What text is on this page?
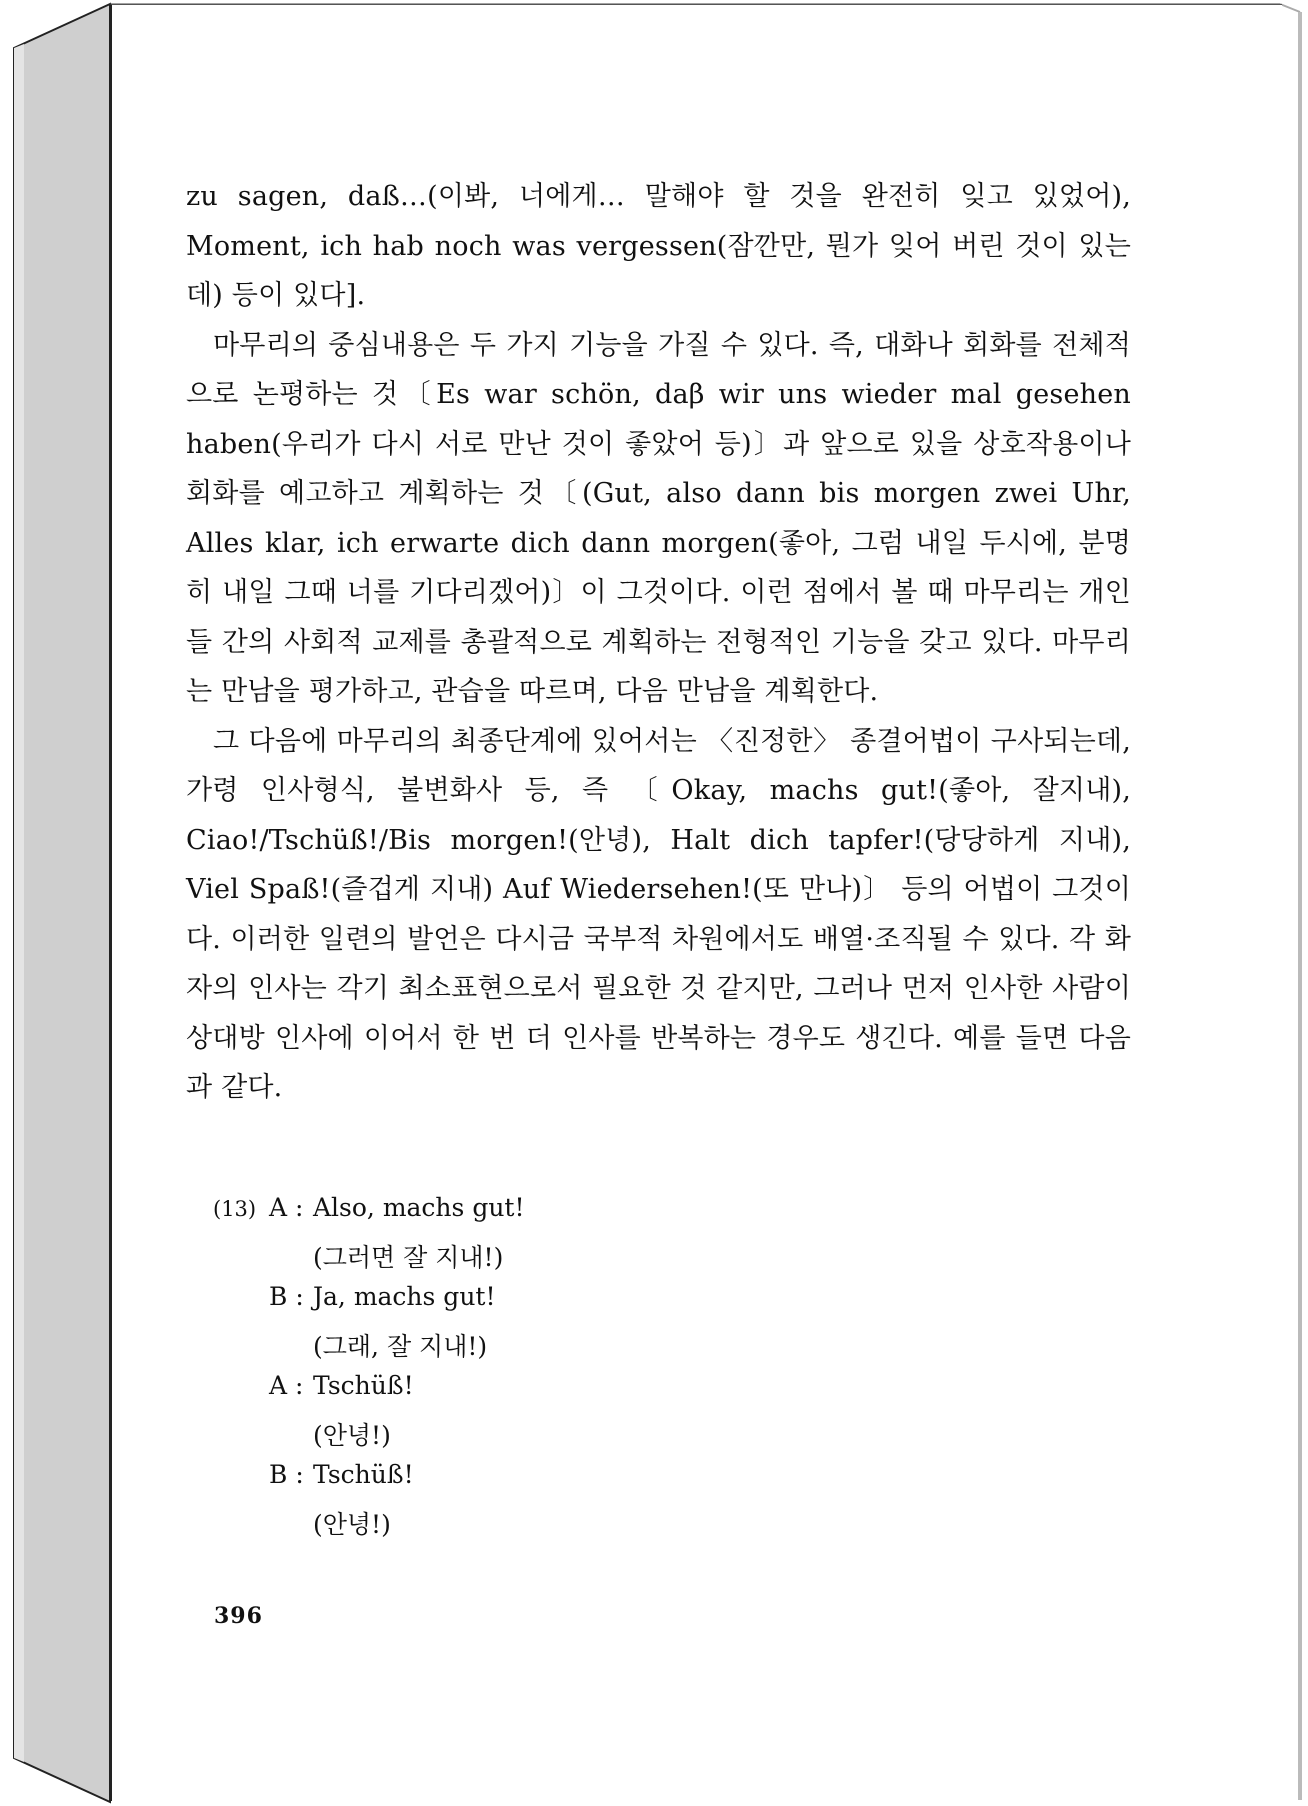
zu sagen, daß…(이봐, 너에게… 말해야 할 것을 완전히 잊고 있었어), Moment, ich hab noch was vergessen(잠깐만, 뭔가 잊어 버린 것이 있는데) 등이 있다].

마무리의 중심내용은 두 가지 기능을 가질 수 있다. 즉, 대화나 회화를 전체적으로 논평하는 것〔Es war schön, daβ wir uns wieder mal gesehen haben(우리가 다시 서로 만난 것이 좋았어 등)〕과 앞으로 있을 상호작용이나 회화를 예고하고 계획하는 것〔(Gut, also dann bis morgen zwei Uhr, Alles klar, ich erwarte dich dann morgen(좋아, 그럼 내일 두시에, 분명히 내일 그때 너를 기다리겠어)〕이 그것이다. 이런 점에서 볼 때 마무리는 개인들 간의 사회적 교제를 총괄적으로 계획하는 전형적인 기능을 갖고 있다. 마무리는 만남을 평가하고, 관습을 따르며, 다음 만남을 계획한다.

그 다음에 마무리의 최종단계에 있어서는 〈진정한〉 종결어법이 구사되는데, 가령 인사형식, 불변화사 등, 즉 〔Okay, machs gut!(좋아, 잘지내), Ciao!/Tschüß!/Bis morgen!(안녕), Halt dich tapfer!(당당하게 지내), Viel Spaß!(즐겁게 지내) Auf Wiedersehen!(또 만나)〕 등의 어법이 그것이다. 이러한 일련의 발언은 다시금 국부적 차원에서도 배열·조직될 수 있다. 각 화자의 인사는 각기 최소표현으로서 필요한 것 같지만, 그러나 먼저 인사한 사람이 상대방 인사에 이어서 한 번 더 인사를 반복하는 경우도 생긴다. 예를 들면 다음과 같다.

(13) A : Also, machs gut!
(그러면 잘 지내!)
B : Ja, machs gut!
(그래, 잘 지내!)
A : Tschüß!
(안녕!)
B : Tschüß!
(안녕!)
396
